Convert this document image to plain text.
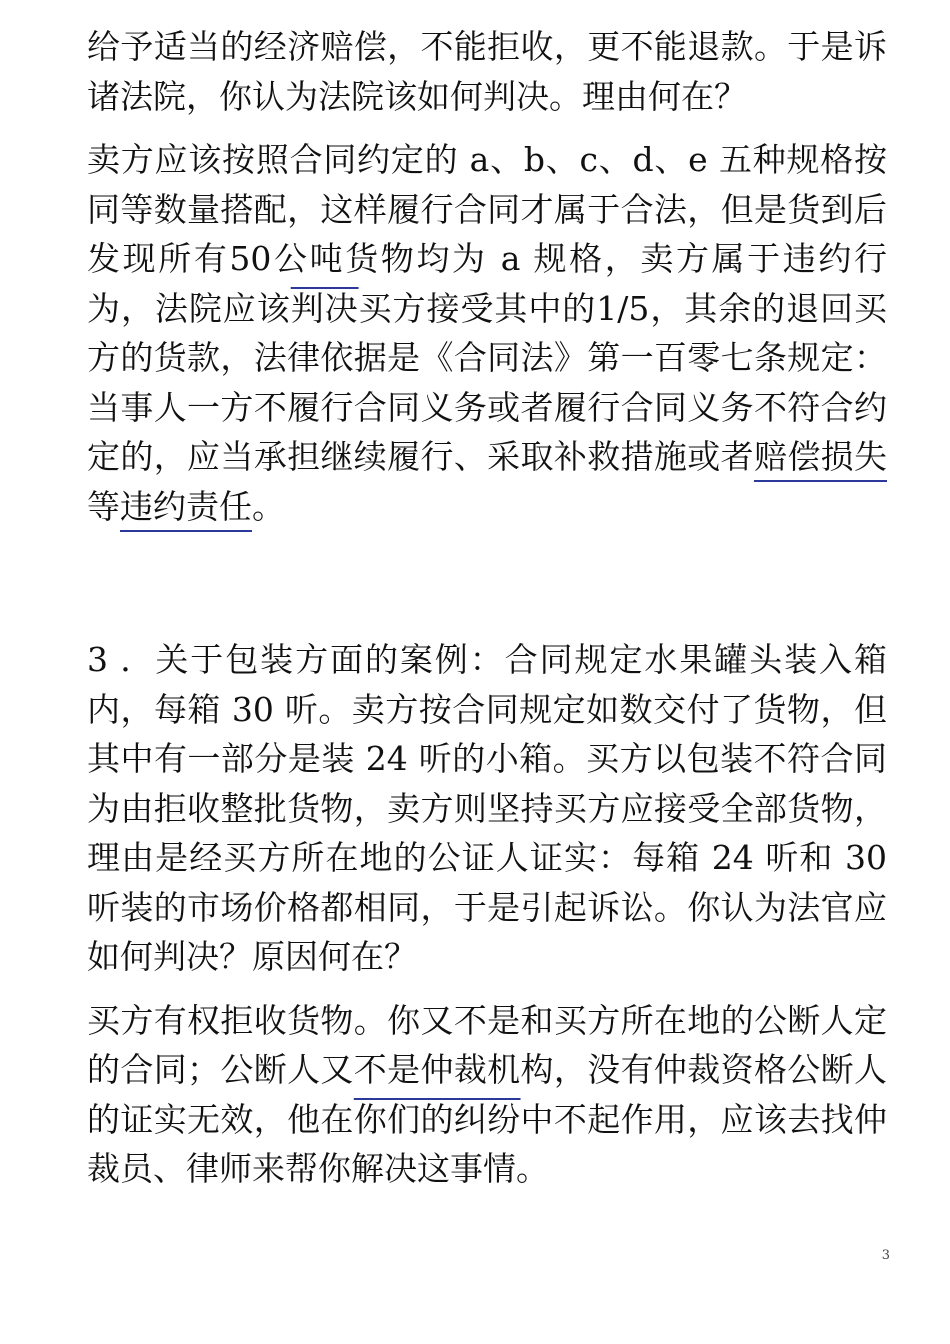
给予适当的经济赔偿，不能拒收，更不能退款。于是诉诸法院，你认为法院该如何判决。理由何在？

卖方应该按照合同约定的 a、b、c、d、e 五种规格按同等数量搭配，这样履行合同才属于合法，但是货到后发现所有50公吨货物均为 a 规格，卖方属于违约行为，法院应该判决买方接受其中的1/5，其余的退回买方的货款，法律依据是《合同法》第一百零七条规定：当事人一方不履行合同义务或者履行合同义务不符合约定的，应当承担继续履行、采取补救措施或者赔偿损失等违约责任。

3 ．关于包装方面的案例：合同规定水果罐头装入箱内，每箱 30 听。卖方按合同规定如数交付了货物，但其中有一部分是装 24 听的小箱。买方以包装不符合同为由拒收整批货物，卖方则坚持买方应接受全部货物，理由是经买方所在地的公证人证实：每箱 24 听和 30 听装的市场价格都相同，于是引起诉讼。你认为法官应如何判决？原因何在？

买方有权拒收货物。你又不是和买方所在地的公断人定的合同；公断人又不是仲裁机构，没有仲裁资格公断人的证实无效，他在你们的纠纷中不起作用，应该去找仲裁员、律师来帮你解决这事情。

3
